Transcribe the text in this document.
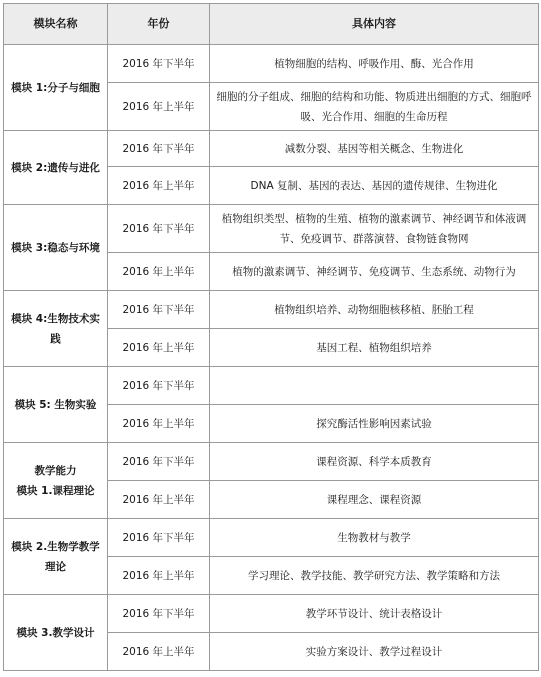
模块名称	年份	具体内容
模块 1:分子与细胞	2016 年下半年	植物细胞的结构、呼吸作用、酶、光合作用
	2016 年上半年	细胞的分子组成、细胞的结构和功能、物质进出细胞的方式、细胞呼吸、光合作用、细胞的生命历程
模块 2:遗传与进化	2016 年下半年	减数分裂、基因等相关概念、生物进化
	2016 年上半年	DNA 复制、基因的表达、基因的遗传规律、生物进化
模块 3:稳态与环境	2016 年下半年	植物组织类型、植物的生殖、植物的激素调节、神经调节和体液调节、免疫调节、群落演替、食物链食物网
	2016 年上半年	植物的激素调节、神经调节、免疫调节、生态系统、动物行为
模块 4:生物技术实践	2016 年下半年	植物组织培养、动物细胞核移植、胚胎工程
	2016 年上半年	基因工程、植物组织培养
模块 5: 生物实验	2016 年下半年	
	2016 年上半年	探究酶活性影响因素试验
教学能力
模块 1.课程理论	2016 年下半年	课程资源、科学本质教育
	2016 年上半年	课程理念、课程资源
模块 2.生物学教学理论	2016 年下半年	生物教材与教学
	2016 年上半年	学习理论、教学技能、教学研究方法、教学策略和方法
模块 3.教学设计	2016 年下半年	教学环节设计、统计表格设计
	2016 年上半年	实验方案设计、教学过程设计
